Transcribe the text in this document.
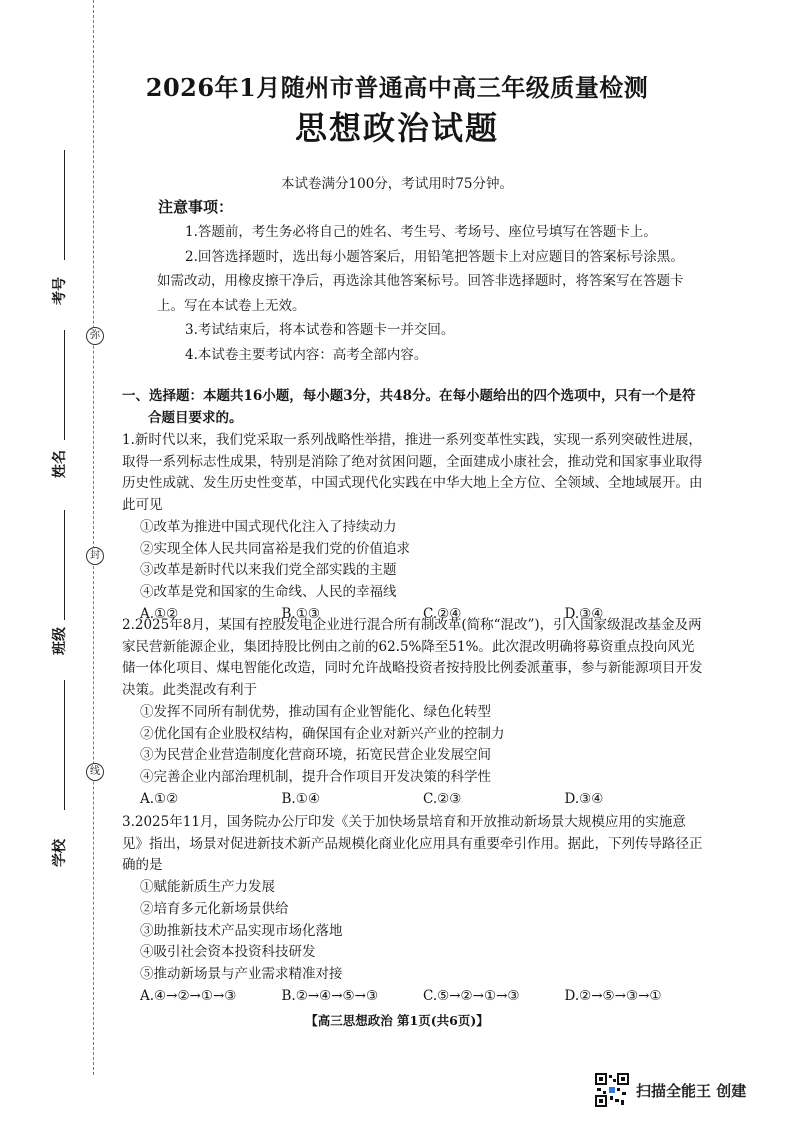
考号
姓名
班级
学校
弥
封
线
2026年1月随州市普通高中高三年级质量检测
思想政治试题
本试卷满分100分，考试用时75分钟。
注意事项：

1.答题前，考生务必将自己的姓名、考生号、考场号、座位号填写在答题卡上。

2.回答选择题时，选出每小题答案后，用铅笔把答题卡上对应题目的答案标号涂黑。如需改动，用橡皮擦干净后，再选涂其他答案标号。回答非选择题时，将答案写在答题卡上。写在本试卷上无效。

3.考试结束后，将本试卷和答题卡一并交回。

4.本试卷主要考试内容：高考全部内容。

一、选择题：本题共16小题，每小题3分，共48分。在每小题给出的四个选项中，只有一个是符
合题目要求的。

1.新时代以来，我们党采取一系列战略性举措，推进一系列变革性实践，实现一系列突破性进展，取得一系列标志性成果，特别是消除了绝对贫困问题，全面建成小康社会，推动党和国家事业取得历史性成就、发生历史性变革，中国式现代化实践在中华大地上全方位、全领域、全地域展开。由此可见

①改革为推进中国式现代化注入了持续动力

②实现全体人民共同富裕是我们党的价值追求

③改革是新时代以来我们党全部实践的主题

④改革是党和国家的生命线、人民的幸福线

A.①②	B.①③	C.②④	D.③④

2.2025年8月，某国有控股发电企业进行混合所有制改革(简称“混改”)，引入国家级混改基金及两家民营新能源企业，集团持股比例由之前的62.5%降至51%。此次混改明确将募资重点投向风光储一体化项目、煤电智能化改造，同时允许战略投资者按持股比例委派董事，参与新能源项目开发决策。此类混改有利于

①发挥不同所有制优势，推动国有企业智能化、绿色化转型

②优化国有企业股权结构，确保国有企业对新兴产业的控制力

③为民营企业营造制度化营商环境，拓宽民营企业发展空间

④完善企业内部治理机制，提升合作项目开发决策的科学性

A.①②	B.①④	C.②③	D.③④

3.2025年11月，国务院办公厅印发《关于加快场景培育和开放推动新场景大规模应用的实施意见》指出，场景对促进新技术新产品规模化商业化应用具有重要牵引作用。据此，下列传导路径正确的是

①赋能新质生产力发展

②培育多元化新场景供给

③助推新技术产品实现市场化落地

④吸引社会资本投资科技研发

⑤推动新场景与产业需求精准对接

A.④→②→①→③	B.②→④→⑤→③	C.⑤→②→①→③	D.②→⑤→③→①
【高三思想政治 第1页(共6页)】
扫描全能王 创建
